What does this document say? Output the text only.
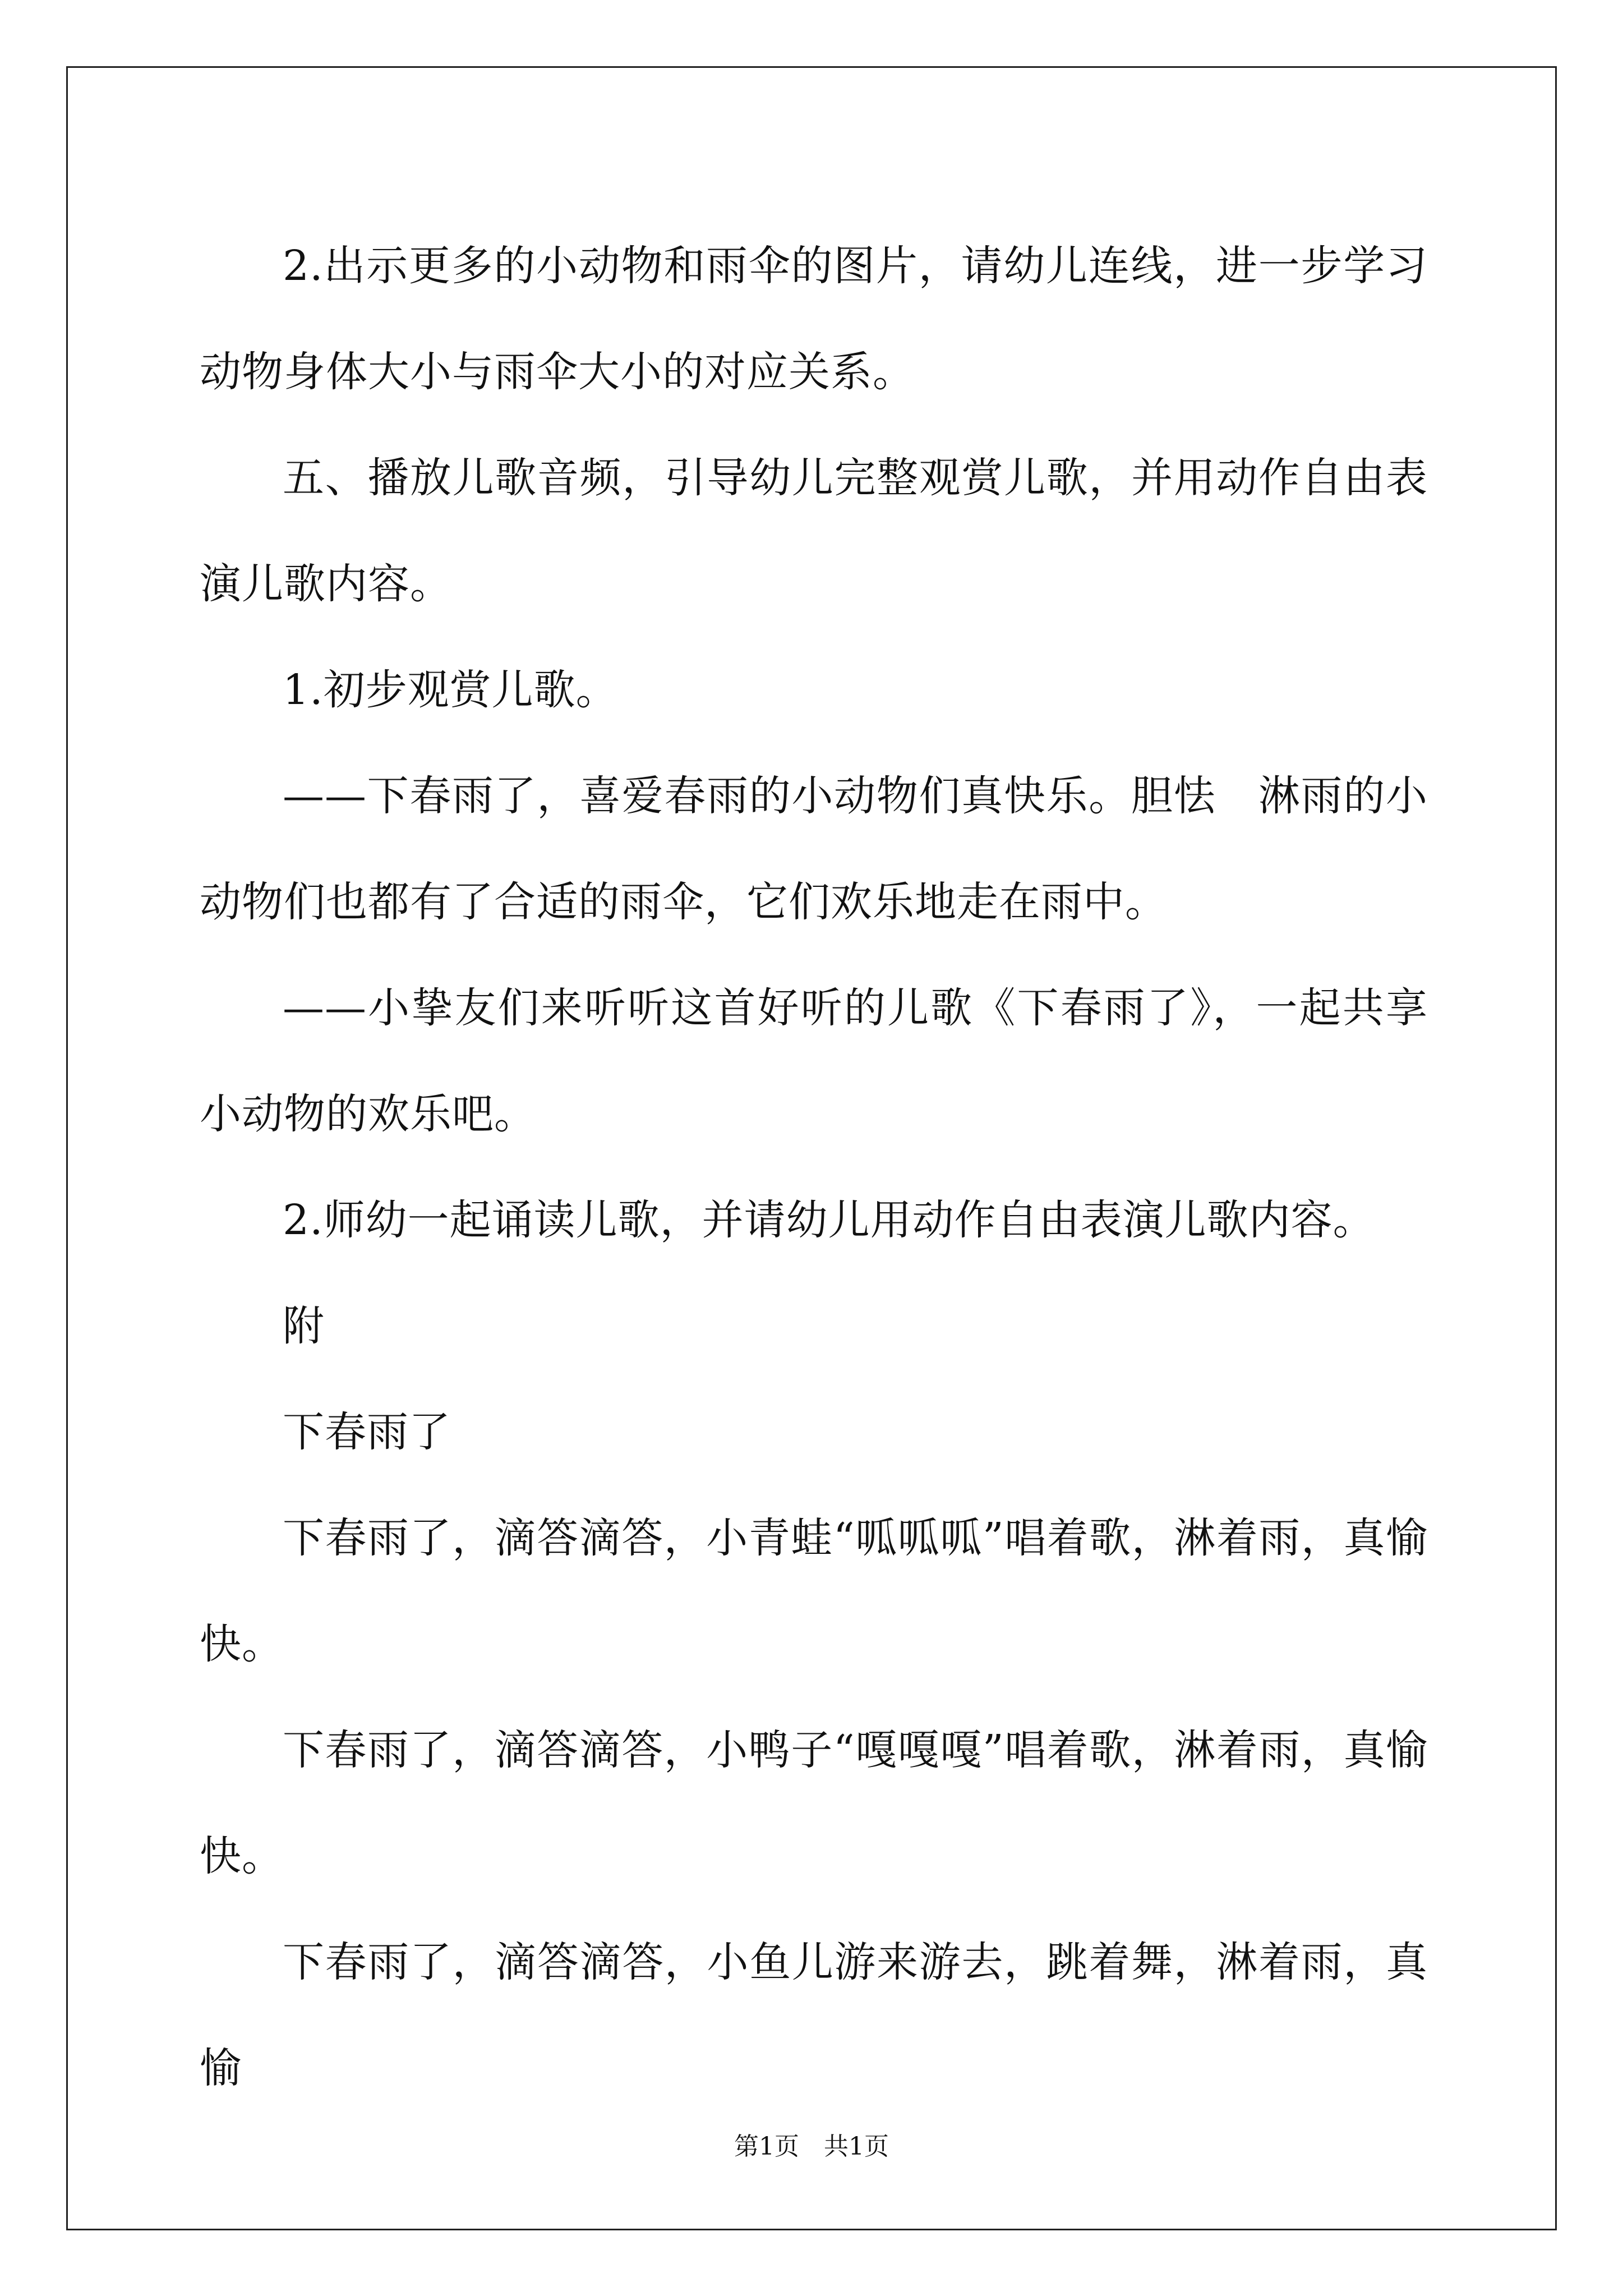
2.出示更多的小动物和雨伞的图片，请幼儿连线，进一步学习动物身体大小与雨伞大小的对应关系。

五、播放儿歌音频，引导幼儿完整观赏儿歌，并用动作自由表演儿歌内容。

1.初步观赏儿歌。

——下春雨了，喜爱春雨的小动物们真快乐。胆怯　淋雨的小动物们也都有了合适的雨伞，它们欢乐地走在雨中。

——小挚友们来听听这首好听的儿歌《下春雨了》，一起共享小动物的欢乐吧。

2.师幼一起诵读儿歌，并请幼儿用动作自由表演儿歌内容。

附

下春雨了

下春雨了，滴答滴答，小青蛙“呱呱呱”唱着歌，淋着雨，真愉快。

下春雨了，滴答滴答，小鸭子“嘎嘎嘎”唱着歌，淋着雨，真愉快。

下春雨了，滴答滴答，小鱼儿游来游去，跳着舞，淋着雨，真愉

第1页　共1页
